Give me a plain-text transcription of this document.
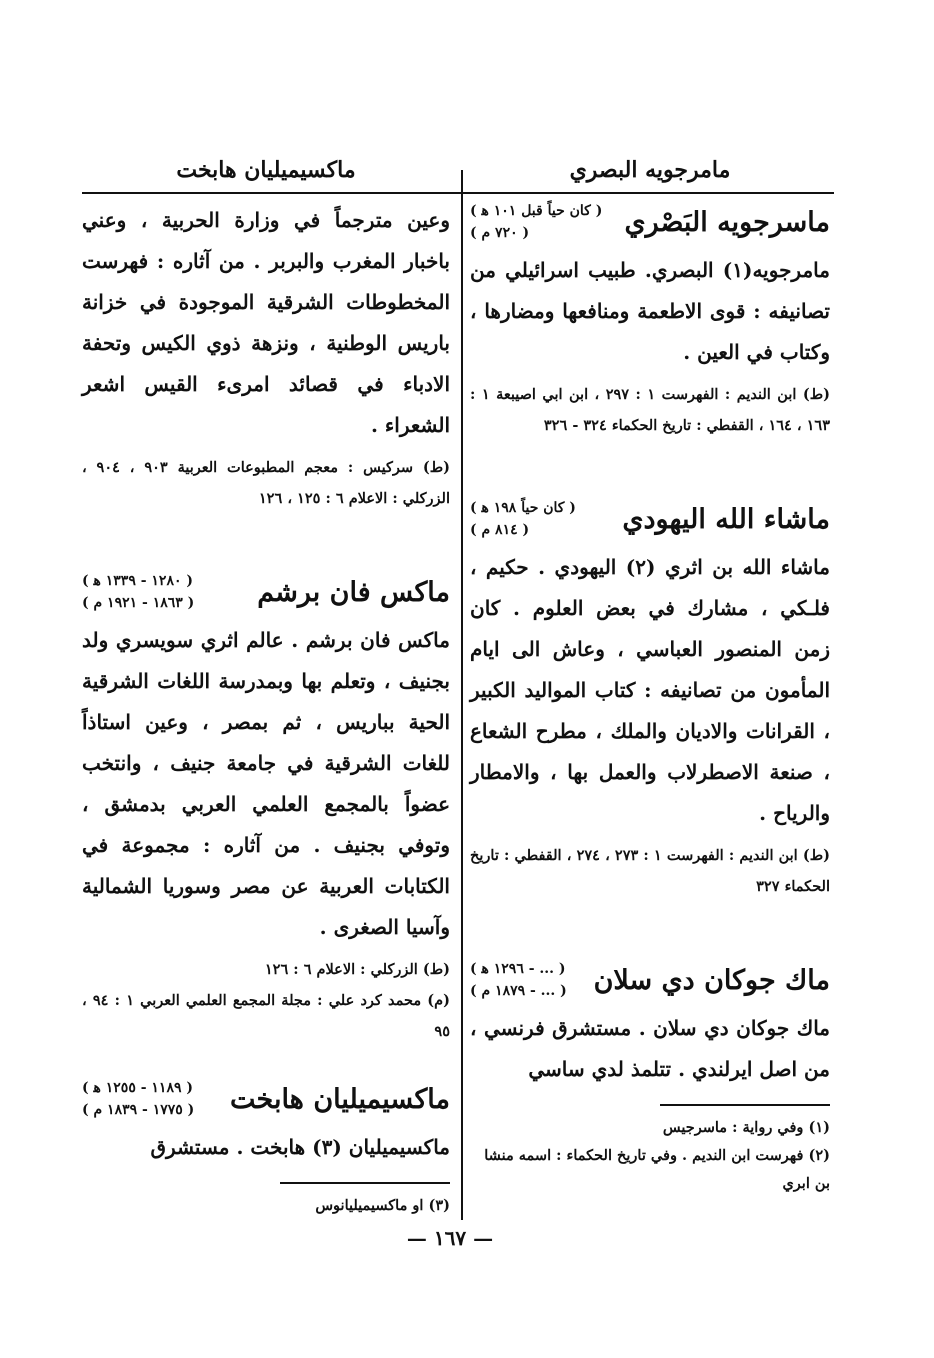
مامرجويه البصري
ماسرجويه البَصْري
( كان حياً قبل ١٠١ ﻫ )
( ٧٢٠ م )
مامرجويه(١) البصري. طبيب اسرائيلي من تصانيفه : قوى الاطعمة ومنافعها ومضارها ، وكتاب في العين .
(ط) ابن النديم : الفهرست ١ : ٢٩٧ ، ابن ابي اصيبعة ١ : ١٦٣ ، ١٦٤ ، القفطي : تاريخ الحكماء ٣٢٤ - ٣٢٦
ماشاء الله اليهودي
( كان حياً ١٩٨ ﻫ )
( ٨١٤ م )
ماشاء الله بن اثري (٢) اليهودي . حكيم ، فلـكي ، مشارك في بعض العلوم . كان زمن المنصور العباسي ، وعاش الى ايام المأمون من تصانيفه : كتاب المواليد الكبير ، القرانات والاديان والملك ، مطرح الشعاع ، صنعة الاصطرلاب والعمل بها ، والامطار والرياح .
(ط) ابن النديم : الفهرست ١ : ٢٧٣ ، ٢٧٤ ، القفطي : تاريخ الحكماء ٣٢٧
ماك جوكان دي سلان
( ... - ١٢٩٦ ﻫ )
( ... - ١٨٧٩ م )
ماك جوكان دي سلان . مستشرق فرنسي ، من اصل ايرلندي . تتلمذ لدي ساسي
(١) وفي رواية : ماسرجيس
(٢) فهرست ابن النديم . وفي تاريخ الحكماء : اسمه منشا بن ابري
ماكسيميليان هابخت
وعين مترجماً في وزارة الحربية ، وعني باخبار المغرب والبربر . من آثاره : فهرست المخطوطات الشرقية الموجودة في خزانة باريس الوطنية ، ونزهة ذوي الكيس وتحفة الادباء في قصائد امرىء القيس اشعر الشعراء .
(ط) سركيس : معجم المطبوعات العربية ٩٠٣ ، ٩٠٤ ، الزركلي : الاعلام ٦ : ١٢٥ ، ١٢٦
ماكس فان برشم
( ١٢٨٠ - ١٣٣٩ ﻫ )
( ١٨٦٣ - ١٩٢١ م )
ماكس فان برشم . عالم اثري سويسري ولد بجنيف ، وتعلم بها وبمدرسة اللغات الشرقية الحية بباريس ، ثم بمصر ، وعين استاذاً للغات الشرقية في جامعة جنيف ، وانتخب عضواً بالمجمع العلمي العربي بدمشق ، وتوفي بجنيف . من آثاره : مجموعة في الكتابات العربية عن مصر وسوريا الشمالية وآسيا الصغرى .
(ط) الزركلي : الاعلام ٦ : ١٢٦
(م) محمد كرد علي : مجلة المجمع العلمي العربي ١ : ٩٤ ، ٩٥
ماكسيميليان هابخت
( ١١٨٩ - ١٢٥٥ ﻫ )
( ١٧٧٥ - ١٨٣٩ م )
ماكسيميليان (٣) هابخت . مستشرق
(٣) او ماكسيميليانوس
— ١٦٧ —
